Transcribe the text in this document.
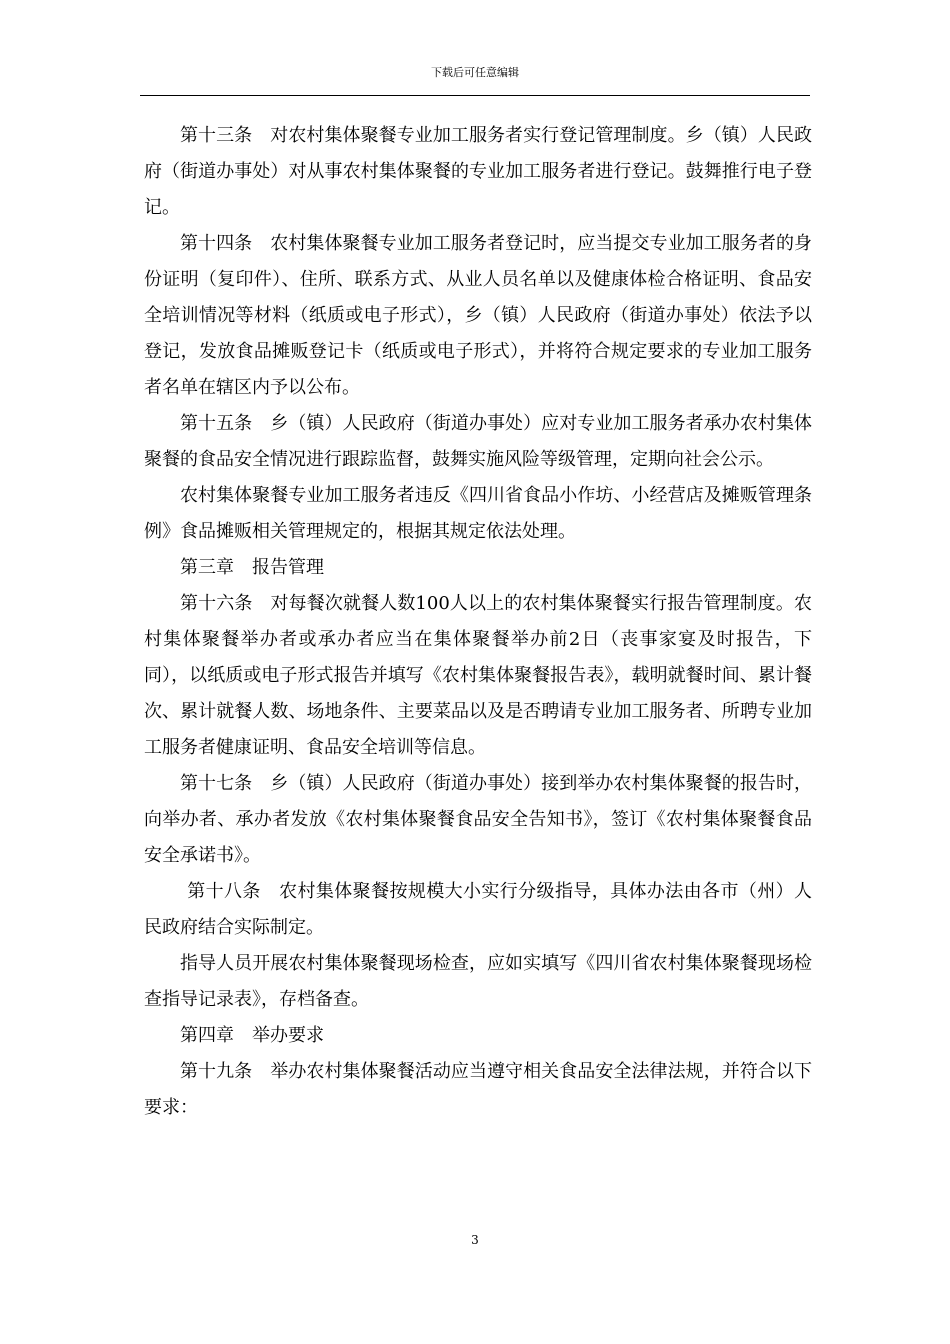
下载后可任意编辑

第十三条　对农村集体聚餐专业加工服务者实行登记管理制度。乡（镇）人民政府（街道办事处）对从事农村集体聚餐的专业加工服务者进行登记。鼓舞推行电子登记。

第十四条　农村集体聚餐专业加工服务者登记时，应当提交专业加工服务者的身份证明（复印件）、住所、联系方式、从业人员名单以及健康体检合格证明、食品安全培训情况等材料（纸质或电子形式），乡（镇）人民政府（街道办事处）依法予以登记，发放食品摊贩登记卡（纸质或电子形式），并将符合规定要求的专业加工服务者名单在辖区内予以公布。

第十五条　乡（镇）人民政府（街道办事处）应对专业加工服务者承办农村集体聚餐的食品安全情况进行跟踪监督，鼓舞实施风险等级管理，定期向社会公示。

农村集体聚餐专业加工服务者违反《四川省食品小作坊、小经营店及摊贩管理条例》食品摊贩相关管理规定的，根据其规定依法处理。

第三章　报告管理

第十六条　对每餐次就餐人数100人以上的农村集体聚餐实行报告管理制度。农村集体聚餐举办者或承办者应当在集体聚餐举办前2日（丧事家宴及时报告，下同），以纸质或电子形式报告并填写《农村集体聚餐报告表》，载明就餐时间、累计餐次、累计就餐人数、场地条件、主要菜品以及是否聘请专业加工服务者、所聘专业加工服务者健康证明、食品安全培训等信息。

第十七条　乡（镇）人民政府（街道办事处）接到举办农村集体聚餐的报告时，向举办者、承办者发放《农村集体聚餐食品安全告知书》，签订《农村集体聚餐食品安全承诺书》。

第十八条　农村集体聚餐按规模大小实行分级指导，具体办法由各市（州）人民政府结合实际制定。

指导人员开展农村集体聚餐现场检查，应如实填写《四川省农村集体聚餐现场检查指导记录表》，存档备查。

第四章　举办要求

第十九条　举办农村集体聚餐活动应当遵守相关食品安全法律法规，并符合以下要求：

3
